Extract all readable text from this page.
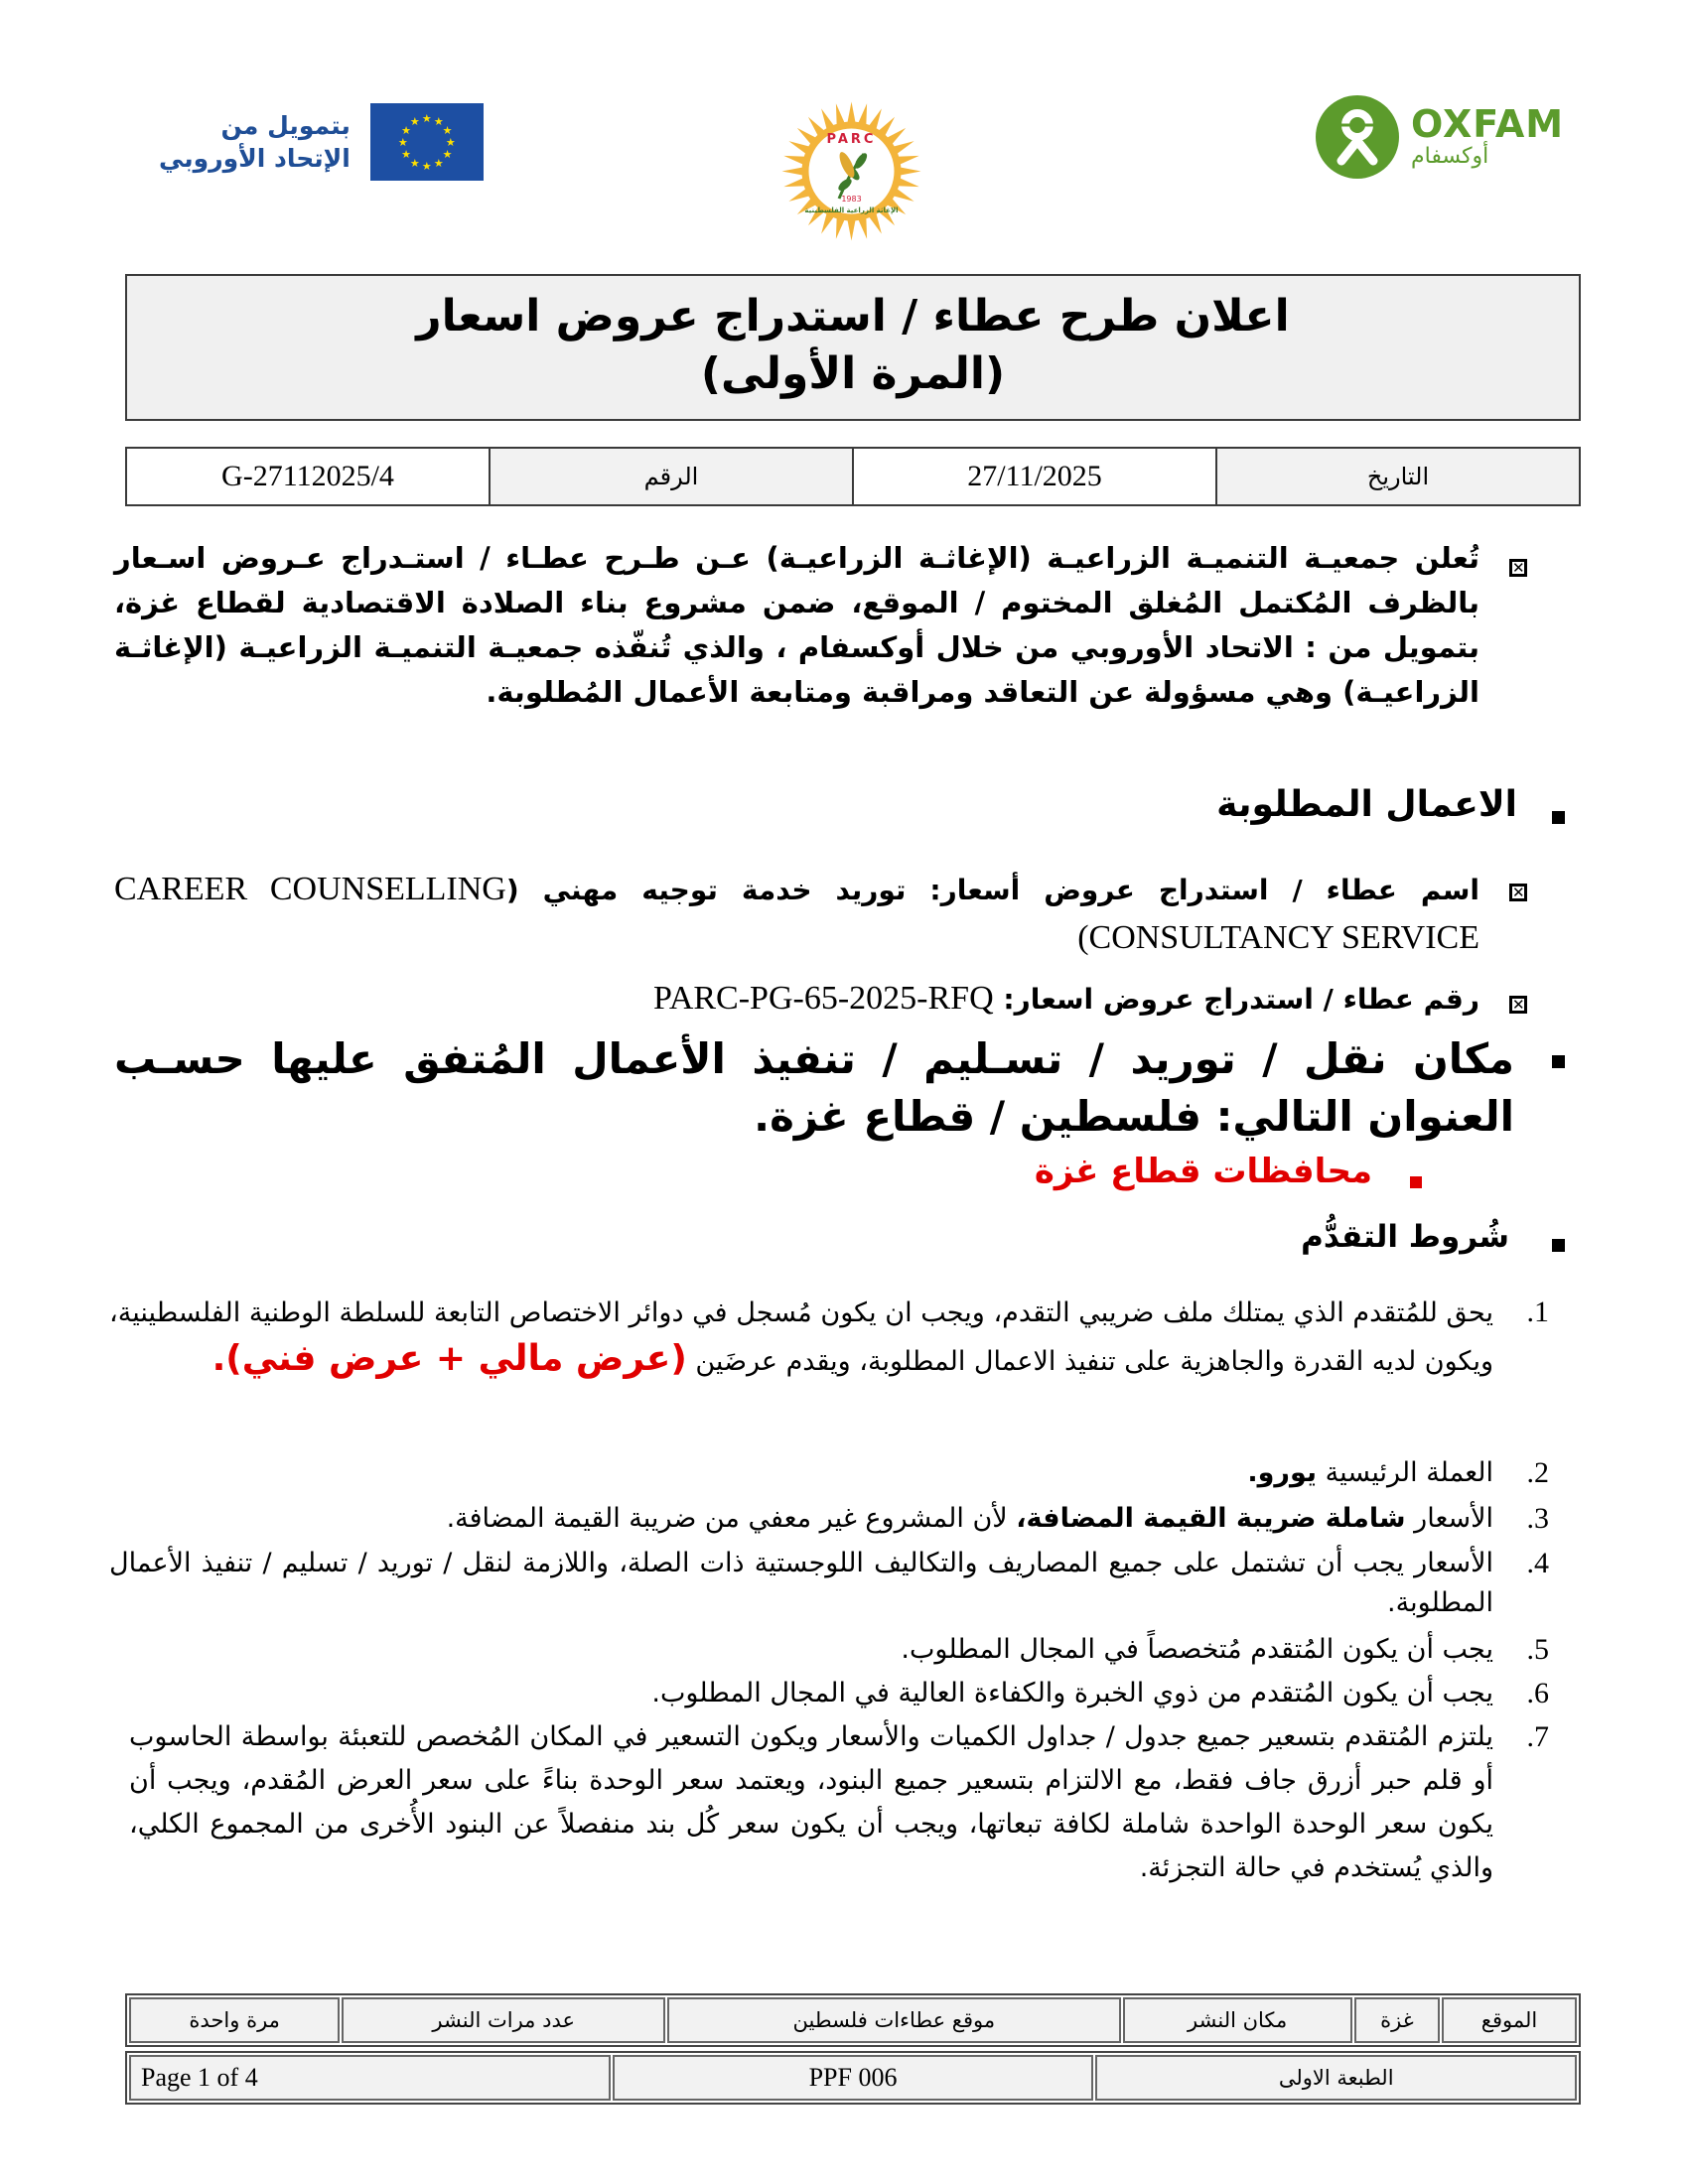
بتمويل من
الإتحاد الأوروبي
★ ★
★
★
★
★
★
★
★
★
★
★
PARC
1983
الإغاثة الزراعية الفلسطينية
OXFAM
أوكسفام
اعلان طرح عطاء / استدراج عروض اسعار
(المرة الأولى)
التاريخ	27/11/2025	الرقم	G-27112025/4
✕
تُعلن جمعيـة التنميـة الزراعيـة (الإغاثـة الزراعيـة) عـن طـرح عطـاء / استـدراج عـروض اسـعار بالظرف المُكتمل المُغلق المختوم / الموقع، ضمن مشروع بناء الصلادة الاقتصادية لقطاع غزة، بتمويل من : الاتحاد الأوروبي من خلال أوكسفام ، والذي تُنفّذه جمعيـة التنميـة الزراعيـة (الإغاثـة الزراعيـة) وهي مسؤولة عن التعاقد ومراقبة ومتابعة الأعمال المُطلوبة.
الاعمال المطلوبة
✕
اسم عطاء / استدراج عروض أسعار: توريد خدمة توجيه مهني (CAREER COUNSELLING CONSULTANCY SERVICE)
✕
رقم عطاء / استدراج عروض اسعار: PARC-PG-65-2025-RFQ
مكان نقل / توريد / تسـليم / تنفيذ الأعمال المُتفق عليها حسـب العنوان التالي: فلسطين / قطاع غزة.
محافظات قطاع غزة
شُروط التقدُّم
1.
يحق للمُتقدم الذي يمتلك ملف ضريبي التقدم، ويجب ان يكون مُسجل في دوائر الاختصاص التابعة للسلطة الوطنية الفلسطينية، ويكون لديه القدرة والجاهزية على تنفيذ الاعمال المطلوبة، ويقدم عرضَين (عرض مالي + عرض فني).
2.
العملة الرئيسية يورو.
3.
الأسعار شاملة ضريبة القيمة المضافة، لأن المشروع غير معفي من ضريبة القيمة المضافة.
4.
الأسعار يجب أن تشتمل على جميع المصاريف والتكاليف اللوجستية ذات الصلة، واللازمة لنقل / توريد / تسليم / تنفيذ الأعمال المطلوبة.
5.
يجب أن يكون المُتقدم مُتخصصاً في المجال المطلوب.
6.
يجب أن يكون المُتقدم من ذوي الخبرة والكفاءة العالية في المجال المطلوب.
7.
يلتزم المُتقدم بتسعير جميع جدول / جداول الكميات والأسعار ويكون التسعير في المكان المُخصص للتعبئة بواسطة الحاسوب أو قلم حبر أزرق جاف فقط، مع الالتزام بتسعير جميع البنود، ويعتمد سعر الوحدة بناءً على سعر العرض المُقدم، ويجب أن يكون سعر الوحدة الواحدة شاملة لكافة تبعاتها، ويجب أن يكون سعر كُل بند منفصلاً عن البنود الأُخرى من المجموع الكلي، والذي يُستخدم في حالة التجزئة.
الموقع	غزة	مكان النشر	موقع عطاءات فلسطين	عدد مرات النشر	مرة واحدة
الطبعة الاولى	PPF 006	Page 1 of 4
